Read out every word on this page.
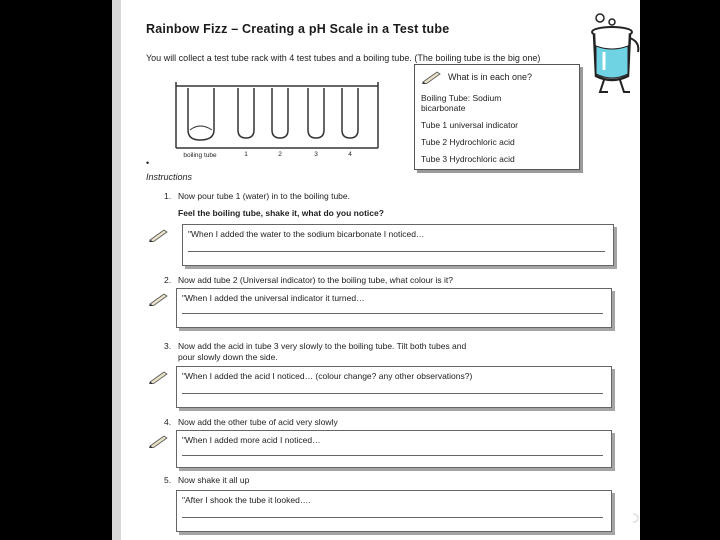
Rainbow Fizz – Creating a pH Scale in a Test tube
You will collect a test tube rack with 4 test tubes and a boiling tube. (The boiling tube is the big one)
boiling tube	1	2	3	4
What is in each one?
Boiling Tube: Sodium
bicarbonate
Tube 1 universal indicator
Tube 2 Hydrochloric acid
Tube 3 Hydrochloric acid
•
Instructions
1. Now pour tube 1 (water) in to the boiling tube.
Feel the boiling tube, shake it, what do you notice?
"When I added the water to the sodium bicarbonate I noticed…
2. Now add tube 2 (Universal indicator) to the boiling tube, what colour is it?
"When I added the universal indicator it turned…
3. Now add the acid in tube 3 very slowly to the boiling tube. Tilt both tubes and
pour slowly down the side.
"When I added the acid I noticed… (colour change? any other observations?)
4. Now add the other tube of acid very slowly
"When I added more acid I noticed…
5. Now shake it all up
"After I shook the tube it looked….
